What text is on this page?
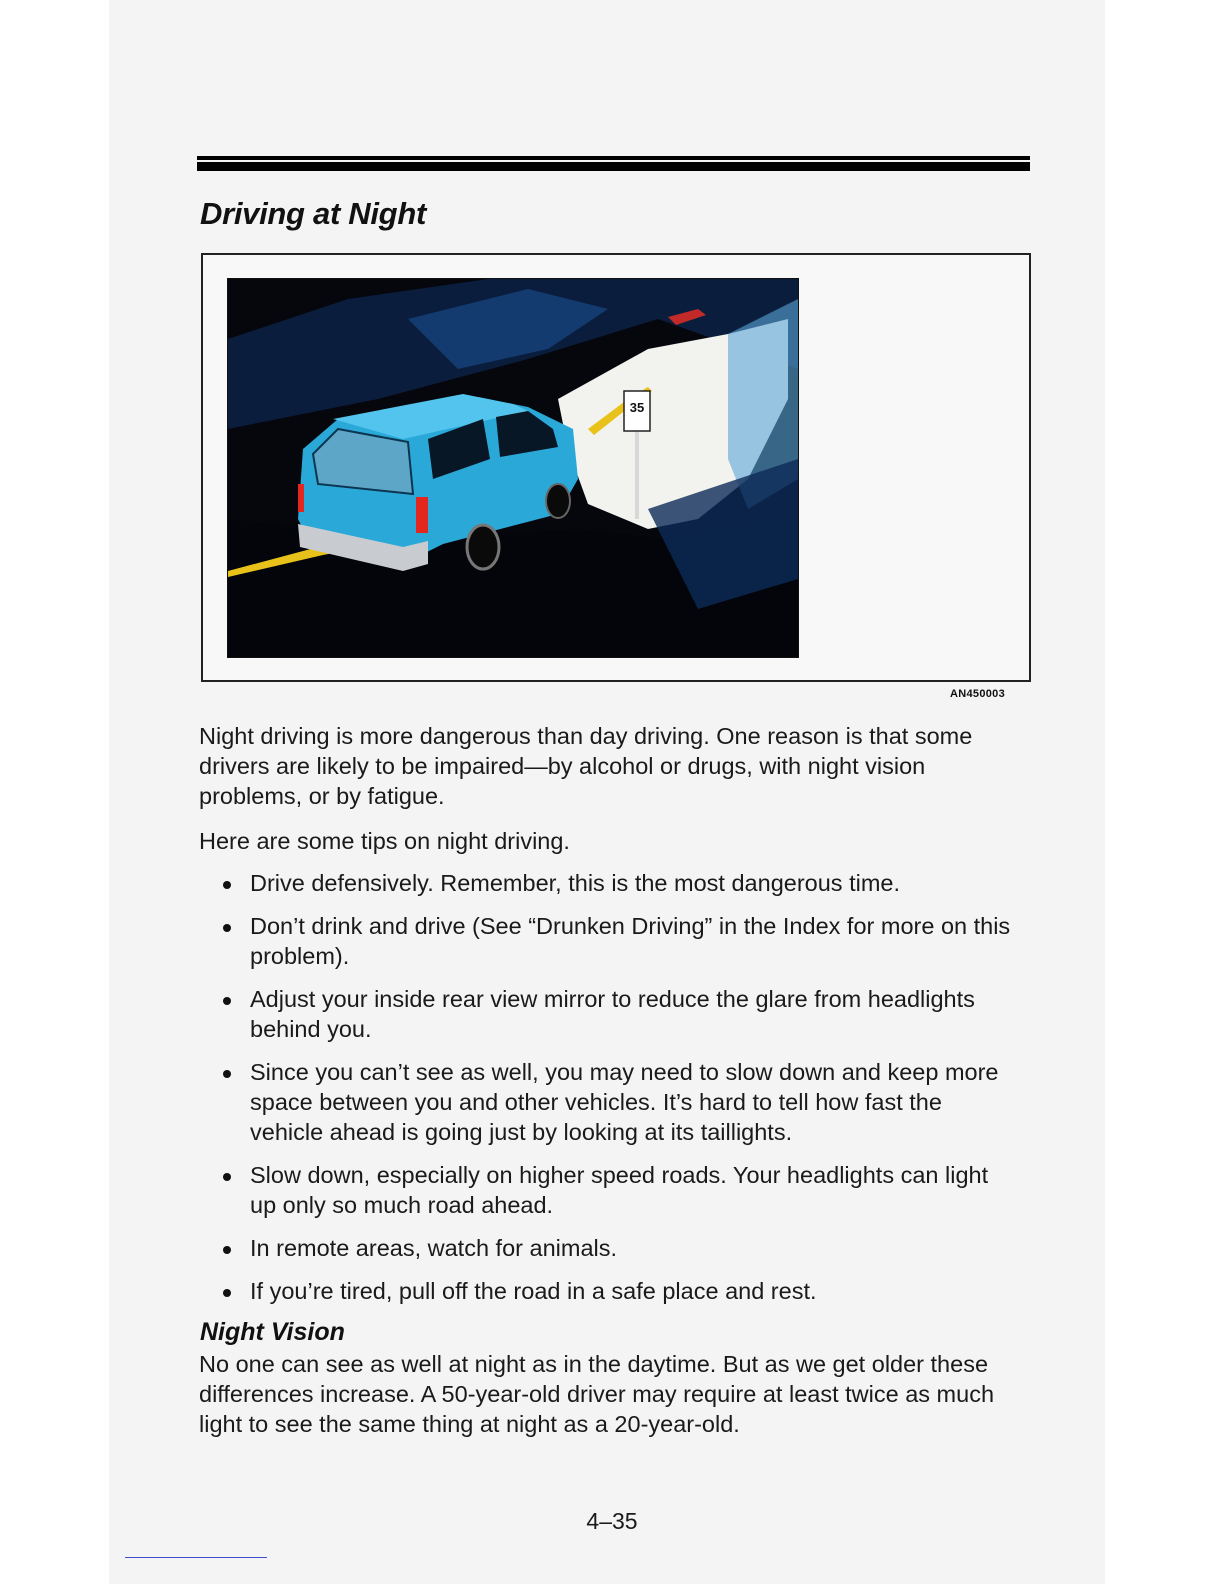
Driving at Night
35
AN450003

Night driving is more dangerous than day driving. One reason is that some drivers are likely to be impaired—by alcohol or drugs, with night vision problems, or by fatigue.

Here are some tips on night driving.

Drive defensively. Remember, this is the most dangerous time.
Don’t drink and drive (See “Drunken Driving” in the Index for more on this problem).
Adjust your inside rear view mirror to reduce the glare from headlights behind you.
Since you can’t see as well, you may need to slow down and keep more space between you and other vehicles. It’s hard to tell how fast the vehicle ahead is going just by looking at its taillights.
Slow down, especially on higher speed roads. Your headlights can light up only so much road ahead.
In remote areas, watch for animals.
If you’re tired, pull off the road in a safe place and rest.
Night Vision

No one can see as well at night as in the daytime. But as we get older these differences increase. A 50-year-old driver may require at least twice as much light to see the same thing at night as a 20-year-old.

4–35
